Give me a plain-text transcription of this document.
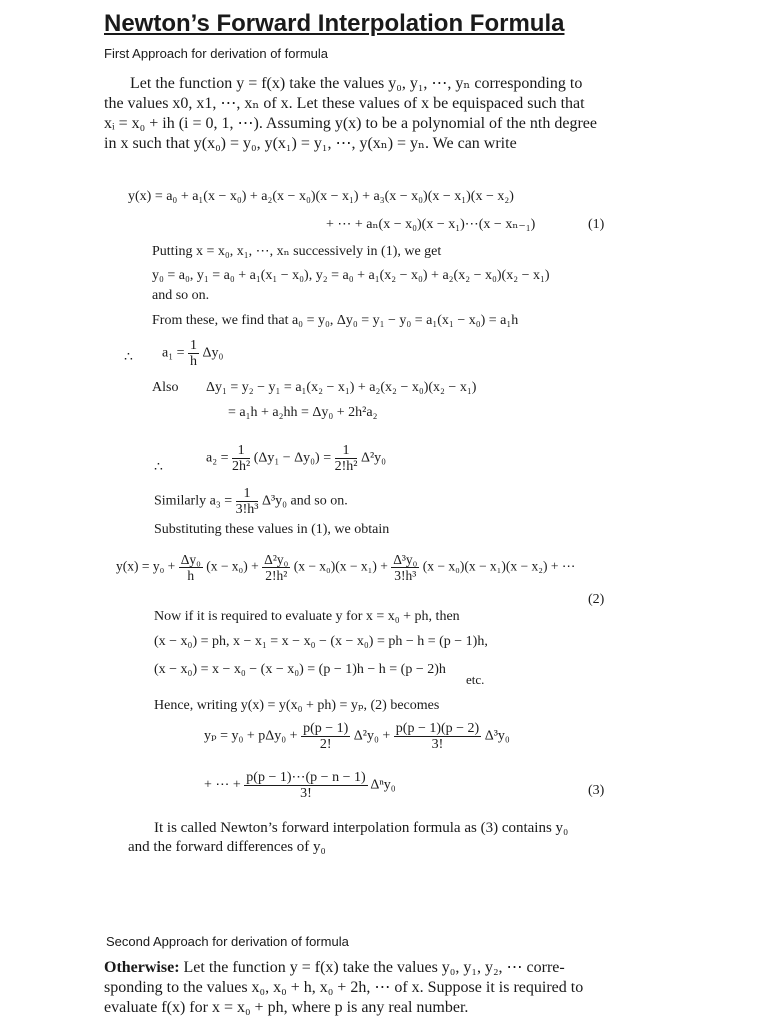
Newton’s Forward Interpolation Formula
First Approach for derivation of formula
Let the function y = f(x) take the values y₀, y₁, ⋯, yₙ corresponding to
the values x0, x1, ⋯, xₙ of x. Let these values of x be equispaced such that
xᵢ = x₀ + ih (i = 0, 1, ⋯). Assuming y(x) to be a polynomial of the nth degree
in x such that y(x₀) = y₀, y(x₁) = y₁, ⋯, y(xₙ) = yₙ. We can write
y(x) = a₀ + a₁(x − x₀) + a₂(x − x₀)(x − x₁) + a₃(x − x₀)(x − x₁)(x − x₂)
+ ⋯ + aₙ(x − x₀)(x − x₁)⋯(x − xₙ₋₁)	(1)
Putting x = x₀, x₁, ⋯, xₙ successively in (1), we get
y₀ = a₀, y₁ = a₀ + a₁(x₁ − x₀), y₂ = a₀ + a₁(x₂ − x₀) + a₂(x₂ − x₀)(x₂ − x₁)
and so on.
From these, we find that a₀ = y₀, Δy₀ = y₁ − y₀ = a₁(x₁ − x₀) = a₁h
∴ $a_1 = \frac{1}{h} \Delta y_0$
Also Δy₁ = y₂ − y₁ = a₁(x₂ − x₁) + a₂(x₂ − x₀)(x₂ − x₁)
= a₁h + a₂hh = Δy₀ + 2h²a₂
∴
$a_2 = \frac{1}{\text{2h²}} (\Delta y_1 - \Delta y_0) = \frac{1}{\text{2!h²}} \Delta^2y_0$
Similarly $a_3 = \frac{1}{\text{3!h³}} \Delta^3y_0$ and so on.
Substituting these values in (1), we obtain
$y(x) = y_0 + \frac{\text{Δy₀}}{h} (x - x_0) + \frac{\text{Δ²y₀}}{\text{2!h²}} (x - x_0)(x - x_1) + \frac{\text{Δ³y₀}}{\text{3!h³}} (x - x_0)(x - x_1)(x - x_2)$ + ⋯
(2)
Now if it is required to evaluate y for x = x₀ + ph, then
(x − x₀) = ph, x − x₁ = x − x₀ − (x − x₀) = ph − h = (p − 1)h,
(x − x₀) = x − x₀ − (x − x₀) = (p − 1)h − h = (p − 2)h
etc.
Hence, writing y(x) = y(x₀ + ph) = yₚ, (2) becomes
$y_p = y_0 + p\Delta y_0 + \frac{p(p - 1)}{2!} \Delta^2y_0 + \frac{p(p - 1)(p - 2)}{3!} \Delta^3y_0$
+ ⋯ + $\frac{p(p - 1)\cdots(p - n - 1)}{3!} \Delta^ny_0$	(3)
It is called Newton’s forward interpolation formula as (3) contains y₀
and the forward differences of y₀
Second Approach for derivation of formula
Otherwise: Let the function y = f(x) take the values y₀, y₁, y₂, ⋯ corre-
sponding to the values x₀, x₀ + h, x₀ + 2h, ⋯ of x. Suppose it is required to
evaluate f(x) for x = x₀ + ph, where p is any real number.
